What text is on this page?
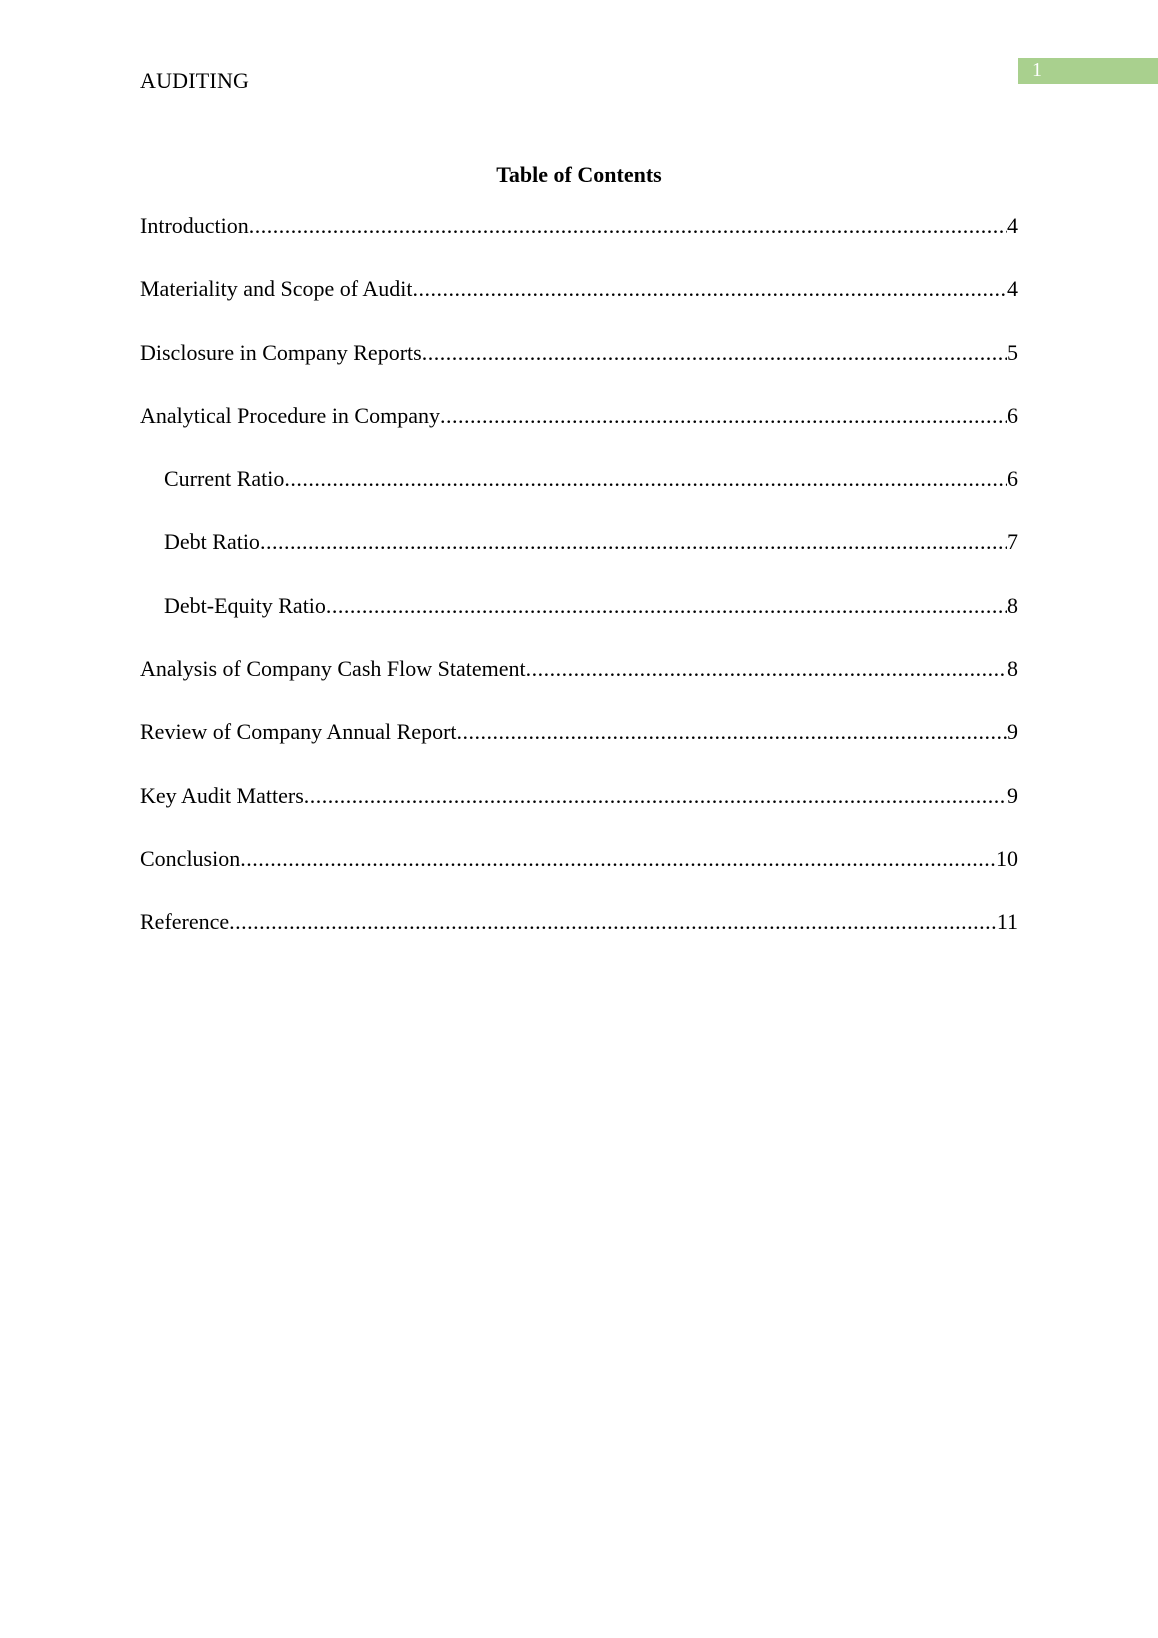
AUDITING	1
Table of Contents
Introduction .....	4
Materiality and Scope of Audit .....	4
Disclosure in Company Reports .....	5
Analytical Procedure in Company .....	6
Current Ratio .....	6
Debt Ratio .....	7
Debt-Equity Ratio .....	8
Analysis of Company Cash Flow Statement .....	8
Review of Company Annual Report .....	9
Key Audit Matters .....	9
Conclusion .....	10
Reference .....	11
